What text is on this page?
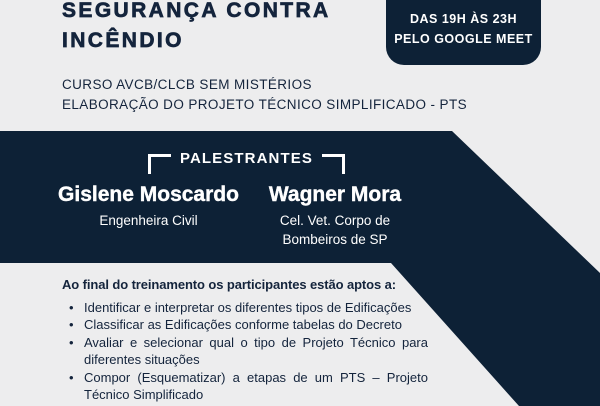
SEGURANÇA CONTRA
INCÊNDIO
CURSO AVCB/CLCB SEM MISTÉRIOS
ELABORAÇÃO DO PROJETO TÉCNICO SIMPLIFICADO - PTS
DAS 19H ÀS 23H
PELO GOOGLE MEET
PALESTRANTES
Gislene Moscardo
Engenheira Civil
Wagner Mora
Cel. Vet. Corpo de Bombeiros de SP
Ao final do treinamento os participantes estão aptos a:
• Identificar e interpretar os diferentes tipos de Edificações
• Classificar as Edificações conforme tabelas do Decreto
• Avaliar e selecionar qual o tipo de Projeto Técnico para diferentes situações
• Compor (Esquematizar) a etapas de um PTS – Projeto Técnico Simplificado
